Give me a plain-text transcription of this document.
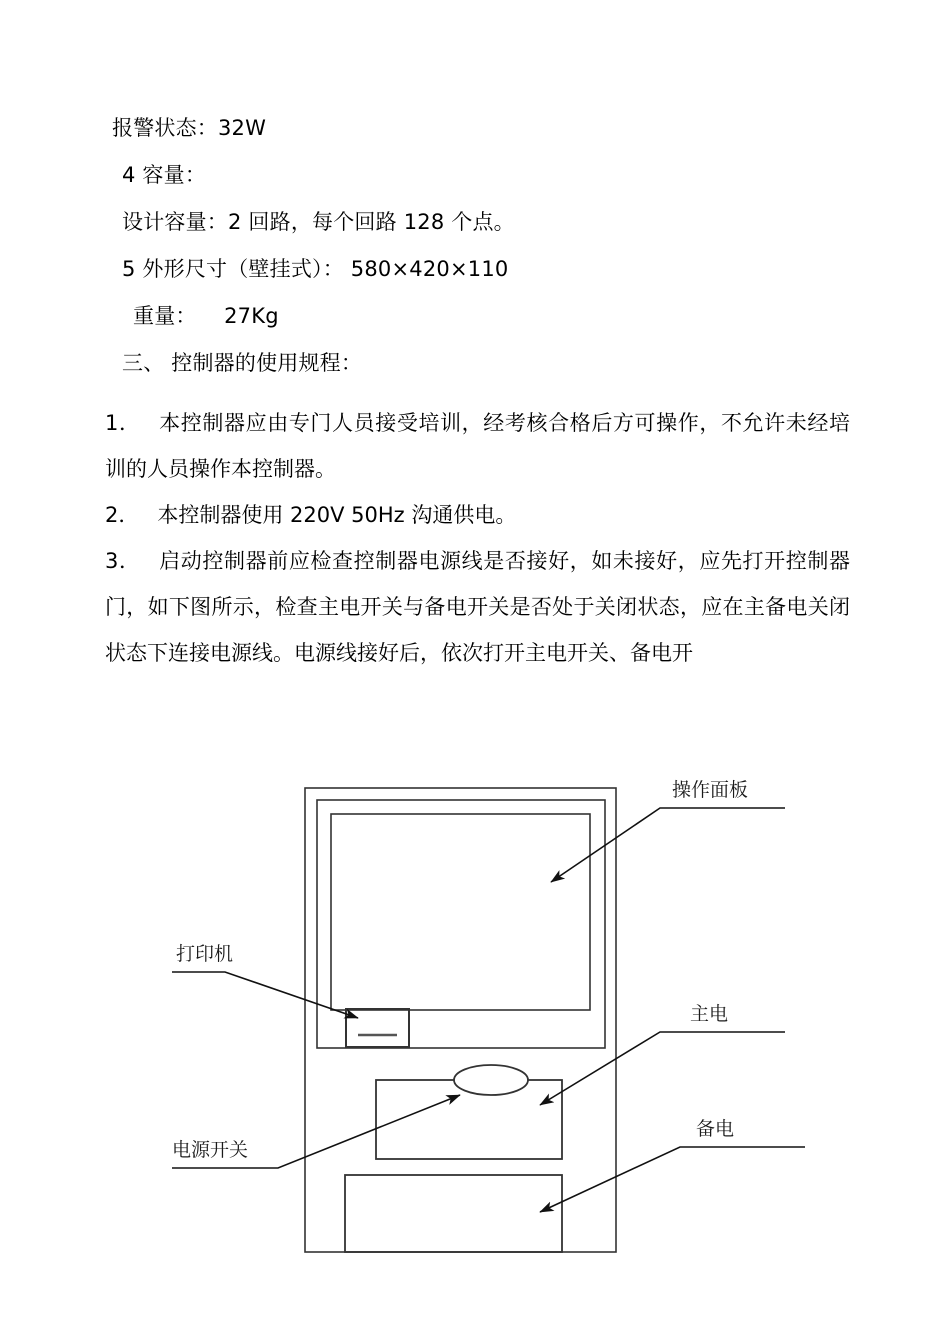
报警状态：32W

4 容量：

设计容量：2 回路，每个回路 128 个点。

5 外形尺寸（壁挂式）： 580×420×110

重量：    27Kg

三、 控制器的使用规程：

1． 本控制器应由专门人员接受培训，经考核合格后方可操作，不允许未经培训的人员操作本控制器。

2． 本控制器使用 220V 50Hz 沟通供电。

3． 启动控制器前应检查控制器电源线是否接好，如未接好，应先打开控制器门，如下图所示，检查主电开关与备电开关是否处于关闭状态，应在主备电关闭状态下连接电源线。电源线接好后，依次打开主电开关、备电开

操作面板
打印机
主电
备电
电源开关
